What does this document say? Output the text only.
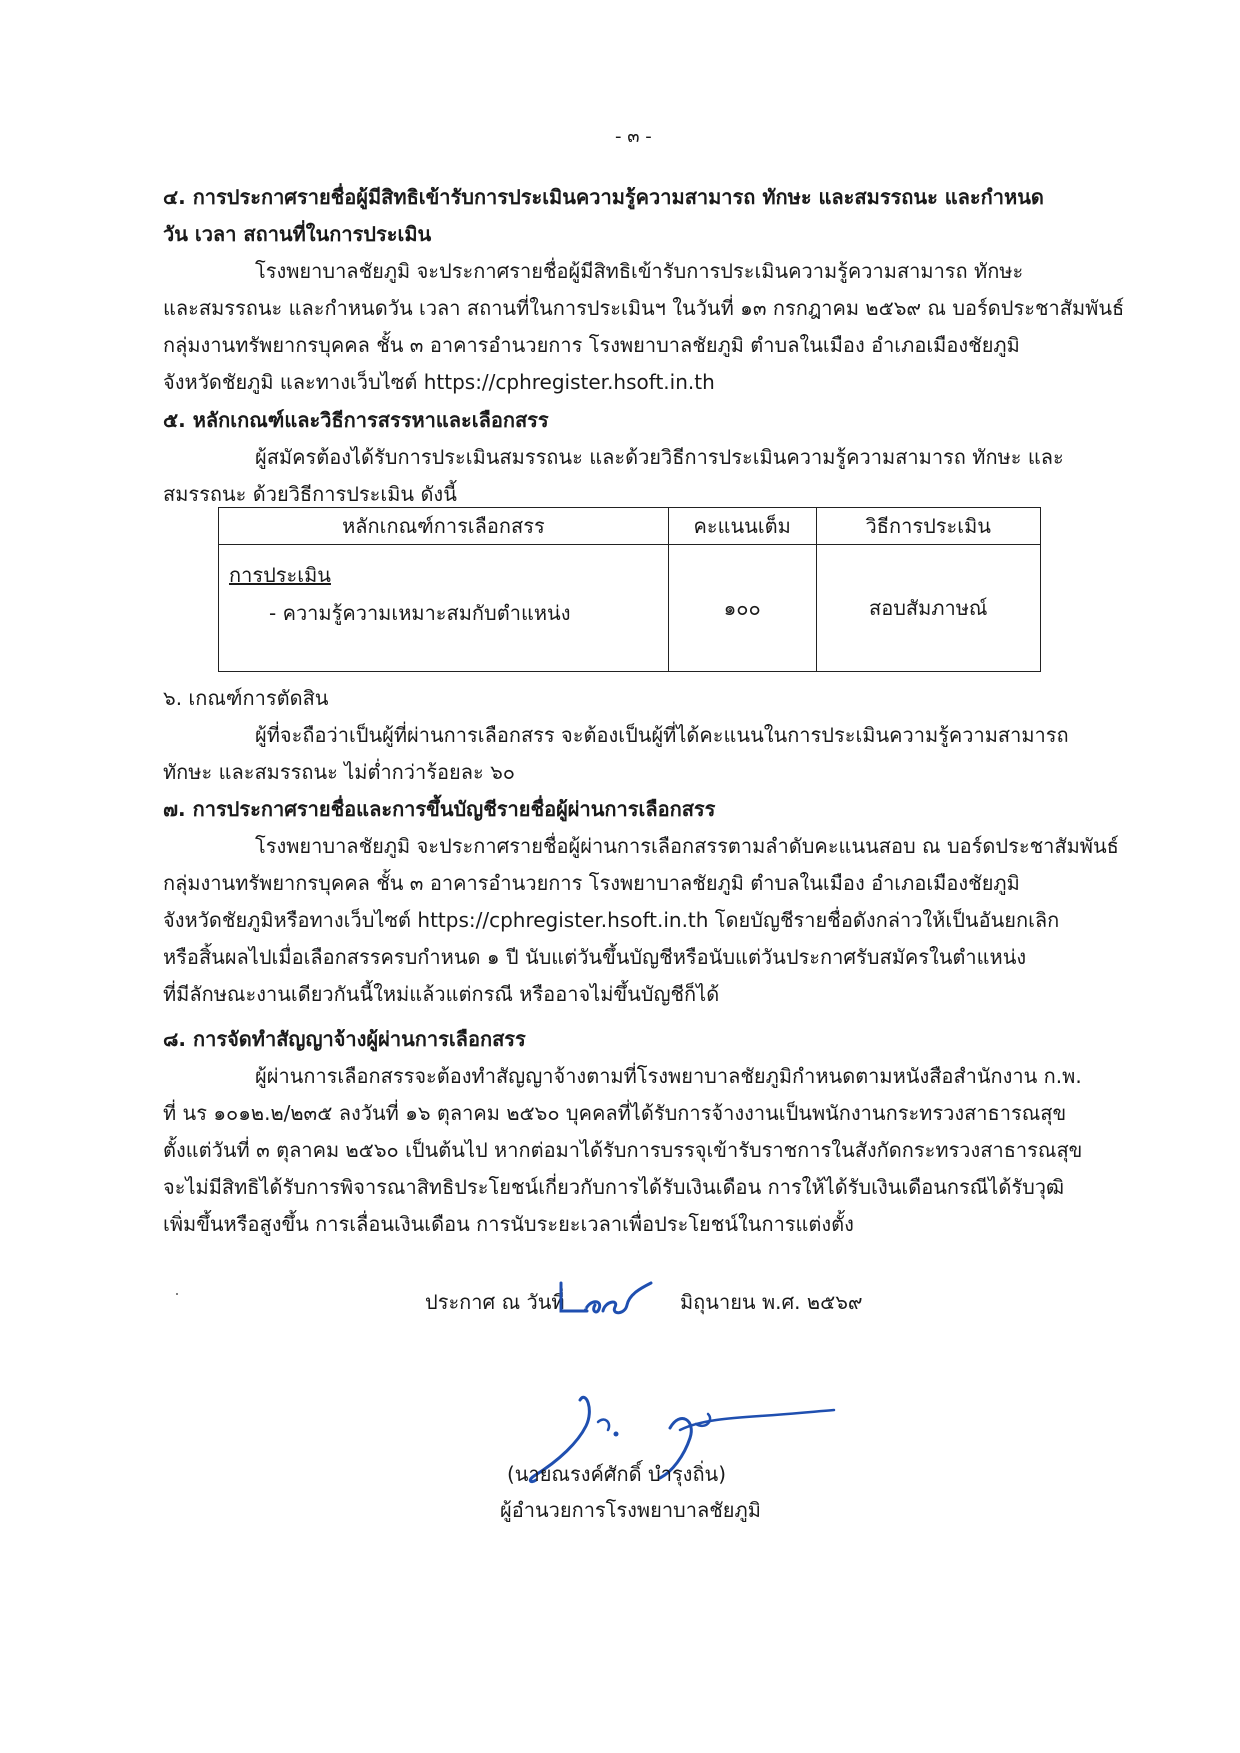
- ๓ -
๔. การประกาศรายชื่อผู้มีสิทธิเข้ารับการประเมินความรู้ความสามารถ ทักษะ และสมรรถนะ และกำหนด
วัน เวลา สถานที่ในการประเมิน
โรงพยาบาลชัยภูมิ จะประกาศรายชื่อผู้มีสิทธิเข้ารับการประเมินความรู้ความสามารถ ทักษะ
และสมรรถนะ และกำหนดวัน เวลา สถานที่ในการประเมินฯ ในวันที่ ๑๓ กรกฎาคม ๒๕๖๙ ณ บอร์ดประชาสัมพันธ์
กลุ่มงานทรัพยากรบุคคล ชั้น ๓ อาคารอำนวยการ โรงพยาบาลชัยภูมิ ตำบลในเมือง อำเภอเมืองชัยภูมิ
จังหวัดชัยภูมิ และทางเว็บไซต์ https://cphregister.hsoft.in.th
๕. หลักเกณฑ์และวิธีการสรรหาและเลือกสรร
ผู้สมัครต้องได้รับการประเมินสมรรถนะ และด้วยวิธีการประเมินความรู้ความสามารถ ทักษะ และ
สมรรถนะ ด้วยวิธีการประเมิน ดังนี้
หลักเกณฑ์การเลือกสรร	คะแนนเต็ม	วิธีการประเมิน

การประเมิน
- ความรู้ความเหมาะสมกับตำแหน่ง	๑๐๐	สอบสัมภาษณ์
๖. เกณฑ์การตัดสิน
ผู้ที่จะถือว่าเป็นผู้ที่ผ่านการเลือกสรร จะต้องเป็นผู้ที่ได้คะแนนในการประเมินความรู้ความสามารถ
ทักษะ และสมรรถนะ ไม่ต่ำกว่าร้อยละ ๖๐
๗. การประกาศรายชื่อและการขึ้นบัญชีรายชื่อผู้ผ่านการเลือกสรร
โรงพยาบาลชัยภูมิ จะประกาศรายชื่อผู้ผ่านการเลือกสรรตามลำดับคะแนนสอบ ณ บอร์ดประชาสัมพันธ์
กลุ่มงานทรัพยากรบุคคล ชั้น ๓ อาคารอำนวยการ โรงพยาบาลชัยภูมิ ตำบลในเมือง อำเภอเมืองชัยภูมิ
จังหวัดชัยภูมิหรือทางเว็บไซต์ https://cphregister.hsoft.in.th โดยบัญชีรายชื่อดังกล่าวให้เป็นอันยกเลิก
หรือสิ้นผลไปเมื่อเลือกสรรครบกำหนด ๑ ปี นับแต่วันขึ้นบัญชีหรือนับแต่วันประกาศรับสมัครในตำแหน่ง
ที่มีลักษณะงานเดียวกันนี้ใหม่แล้วแต่กรณี หรืออาจไม่ขึ้นบัญชีก็ได้
๘. การจัดทำสัญญาจ้างผู้ผ่านการเลือกสรร
ผู้ผ่านการเลือกสรรจะต้องทำสัญญาจ้างตามที่โรงพยาบาลชัยภูมิกำหนดตามหนังสือสำนักงาน ก.พ.
ที่ นร ๑๐๑๒.๒/๒๓๕ ลงวันที่ ๑๖ ตุลาคม ๒๕๖๐ บุคคลที่ได้รับการจ้างงานเป็นพนักงานกระทรวงสาธารณสุข
ตั้งแต่วันที่ ๓ ตุลาคม ๒๕๖๐ เป็นต้นไป หากต่อมาได้รับการบรรจุเข้ารับราชการในสังกัดกระทรวงสาธารณสุข
จะไม่มีสิทธิได้รับการพิจารณาสิทธิประโยชน์เกี่ยวกับการได้รับเงินเดือน การให้ได้รับเงินเดือนกรณีได้รับวุฒิ
เพิ่มขึ้นหรือสูงขึ้น การเลื่อนเงินเดือน การนับระยะเวลาเพื่อประโยชน์ในการแต่งตั้ง
ประกาศ ณ วันที่	๒๕	มิถุนายน พ.ศ. ๒๕๖๙
(นายณรงค์ศักดิ์ บำรุงถิ่น)
ผู้อำนวยการโรงพยาบาลชัยภูมิ
